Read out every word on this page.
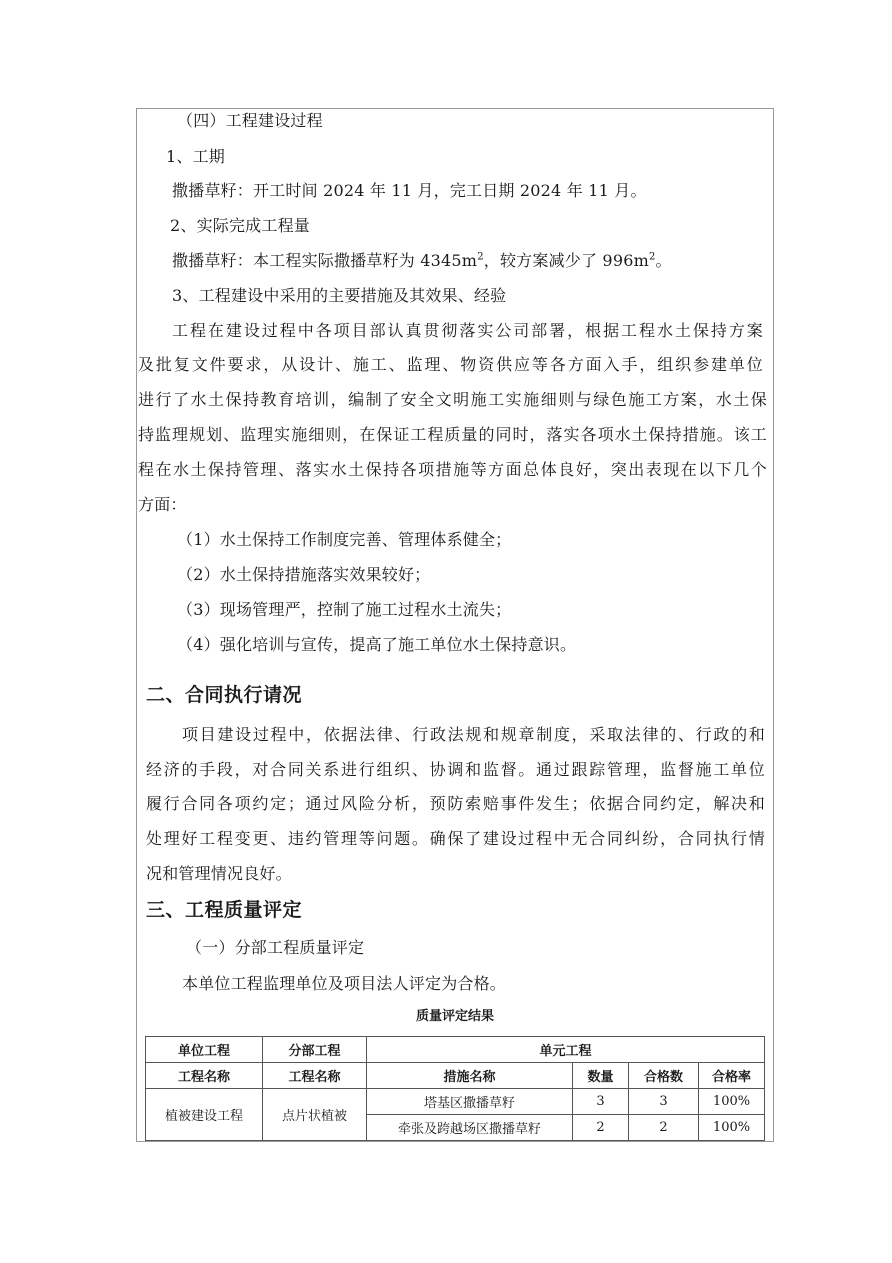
（四）工程建设过程
1、工期
撒播草籽：开工时间 2024 年 11 月，完工日期 2024 年 11 月。
2、实际完成工程量
撒播草籽：本工程实际撒播草籽为 $4345m^2$，较方案减少了 $996m^2$。
3、工程建设中采用的主要措施及其效果、经验
工程在建设过程中各项目部认真贯彻落实公司部署，根据工程水土保持方案
及批复文件要求，从设计、施工、监理、物资供应等各方面入手，组织参建单位
进行了水土保持教育培训，编制了安全文明施工实施细则与绿色施工方案，水土保
持监理规划、监理实施细则，在保证工程质量的同时，落实各项水土保持措施。该工
程在水土保持管理、落实水土保持各项措施等方面总体良好，突出表现在以下几个
方面：
（1）水土保持工作制度完善、管理体系健全；
（2）水土保持措施落实效果较好；
（3）现场管理严，控制了施工过程水土流失；
（4）强化培训与宣传，提高了施工单位水土保持意识。
二、合同执行请况
项目建设过程中，依据法律、行政法规和规章制度，采取法律的、行政的和
经济的手段，对合同关系进行组织、协调和监督。通过跟踪管理，监督施工单位
履行合同各项约定；通过风险分析，预防索赔事件发生；依据合同约定，解决和
处理好工程变更、违约管理等问题。确保了建设过程中无合同纠纷，合同执行情
况和管理情况良好。
三、工程质量评定
（一）分部工程质量评定
本单位工程监理单位及项目法人评定为合格。
质量评定结果
单位工程	分部工程	单元工程			
工程名称	工程名称	措施名称	数量	合格数	合格率
植被建设工程	点片状植被	塔基区撒播草籽	3	3	100%
		牵张及跨越场区撒播草籽	2	2	100%
